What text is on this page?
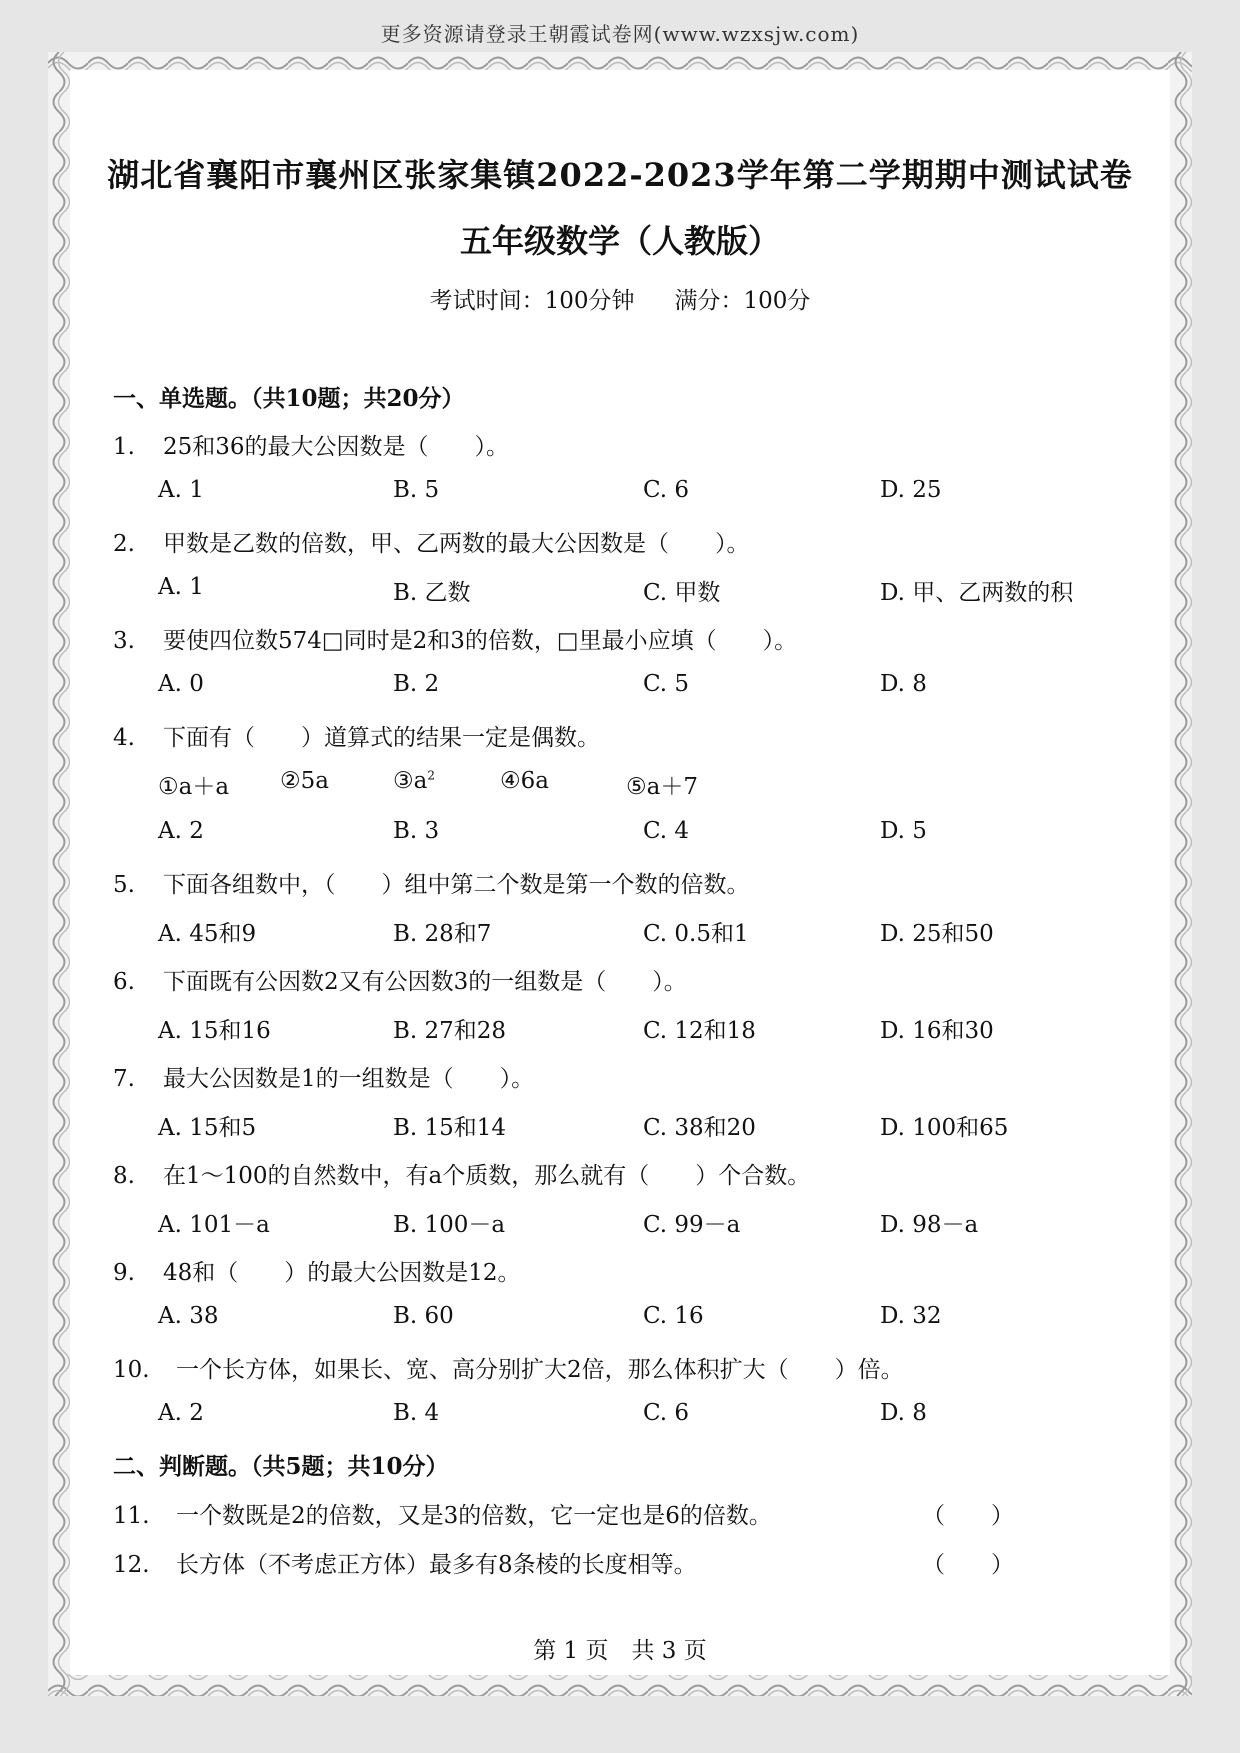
更多资源请登录王朝霞试卷网(www.wzxsjw.com)
湖北省襄阳市襄州区张家集镇2022-2023学年第二学期期中测试试卷
五年级数学（人教版）
考试时间：100分钟 满分：100分
一、单选题。（共10题；共20分）
1. 25和36的最大公因数是（　　）。
A. 1	B. 5	C. 6	D. 25
2. 甲数是乙数的倍数，甲、乙两数的最大公因数是（　　）。
A. 1	B. 乙数	C. 甲数	D. 甲、乙两数的积
3. 要使四位数574□同时是2和3的倍数，□里最小应填（　　）。
A. 0	B. 2	C. 5	D. 8
4. 下面有（　　）道算式的结果一定是偶数。
①a＋a ②5a	$③a^2$	④6a	⑤a＋7
A. 2	B. 3	C. 4	D. 5
5. 下面各组数中，（　　）组中第二个数是第一个数的倍数。
A. 45和9	B. 28和7	C. 0.5和1	D. 25和50
6. 下面既有公因数2又有公因数3的一组数是（　　）。
A. 15和16	B. 27和28	C. 12和18	D. 16和30
7. 最大公因数是1的一组数是（　　）。
A. 15和5	B. 15和14	C. 38和20	D. 100和65
8. 在1～100的自然数中，有a个质数，那么就有（　　）个合数。
A. 101－a	B. 100－a	C. 99－a	D. 98－a
9. 48和（　　）的最大公因数是12。
A. 38	B. 60	C. 16	D. 32
10. 一个长方体，如果长、宽、高分别扩大2倍，那么体积扩大（　　）倍。
A. 2	B. 4	C. 6	D. 8
二、判断题。（共5题；共10分）
11. 一个数既是2的倍数，又是3的倍数，它一定也是6的倍数。	（　　）
12. 长方体（不考虑正方体）最多有8条棱的长度相等。	（　　）
第 1 页　共 3 页
